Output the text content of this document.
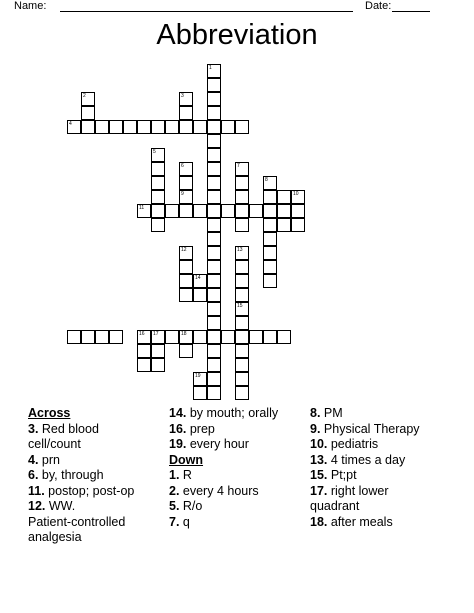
Name:	Date:
Abbreviation
4
11
16 17	18
1
2	3
5
6
9
7
8
10
12	13
14
15
19
Across
3. Red blood
cell/count
4. prn
6. by, through
11. postop; post-op
12. WW.
Patient-controlled
analgesia
14. by mouth; orally
16. prep
19. every hour
Down
1. R
2. every 4 hours
5. R/o
7. q
8. PM
9. Physical Therapy
10. pediatris
13. 4 times a day
15. Pt;pt
17. right lower
quadrant
18. after meals
